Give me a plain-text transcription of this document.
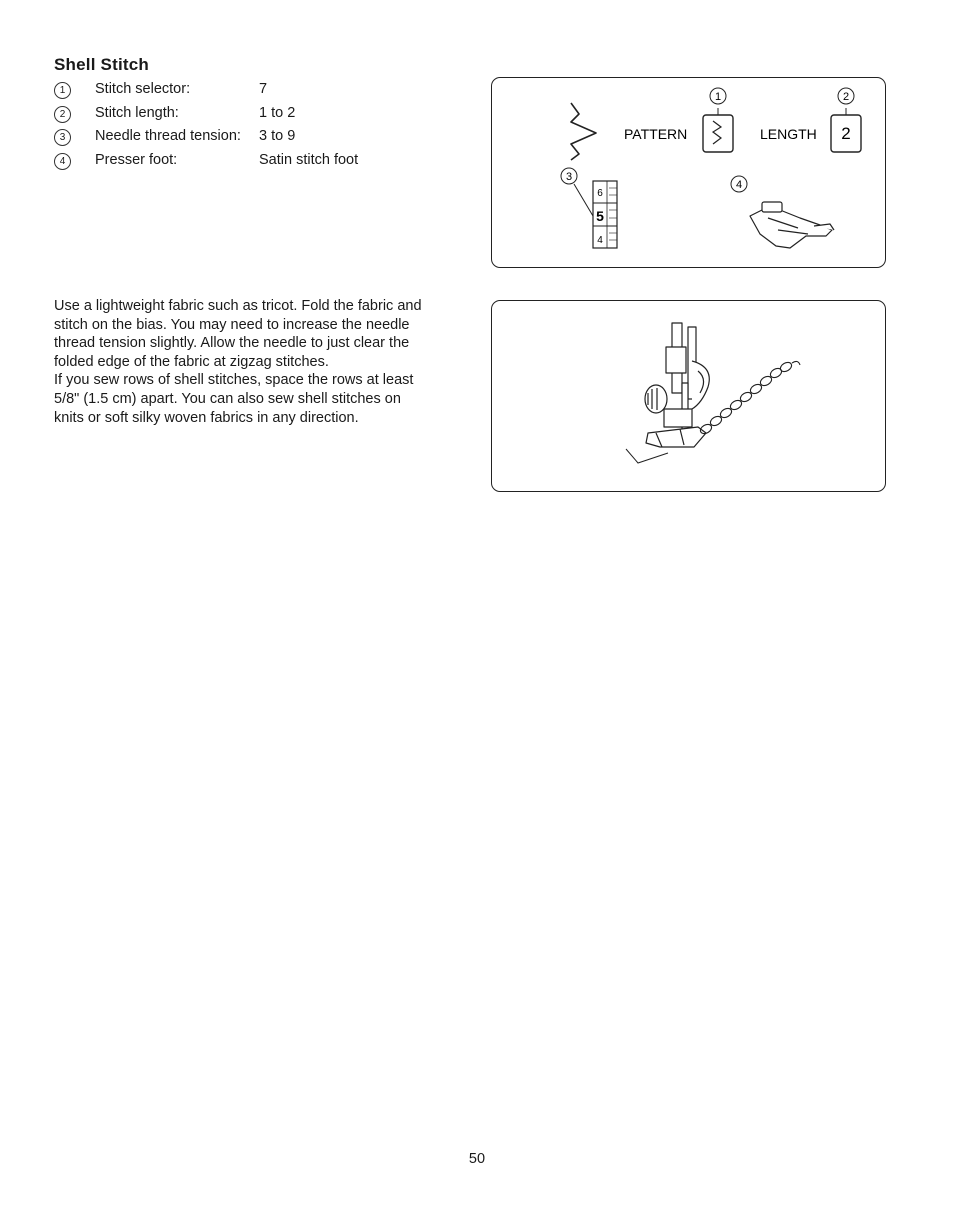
Shell Stitch
1	Stitch selector:	7
2	Stitch length:	1 to 2
3	Needle thread tension: 3 to 9
4	Presser foot:	Satin stitch foot

Use a lightweight fabric such as tricot. Fold the fabric and stitch on the bias. You may need to increase the needle thread tension slightly. Allow the needle to just clear the folded edge of the fabric at zigzag stitches.

If you sew rows of shell stitches, space the rows at least 5/8" (1.5 cm) apart. You can also sew shell stitches on knits or soft silky woven fabrics in any direction.

1	2
PATTERN	LENGTH 2
3
6
5
4
4
50
